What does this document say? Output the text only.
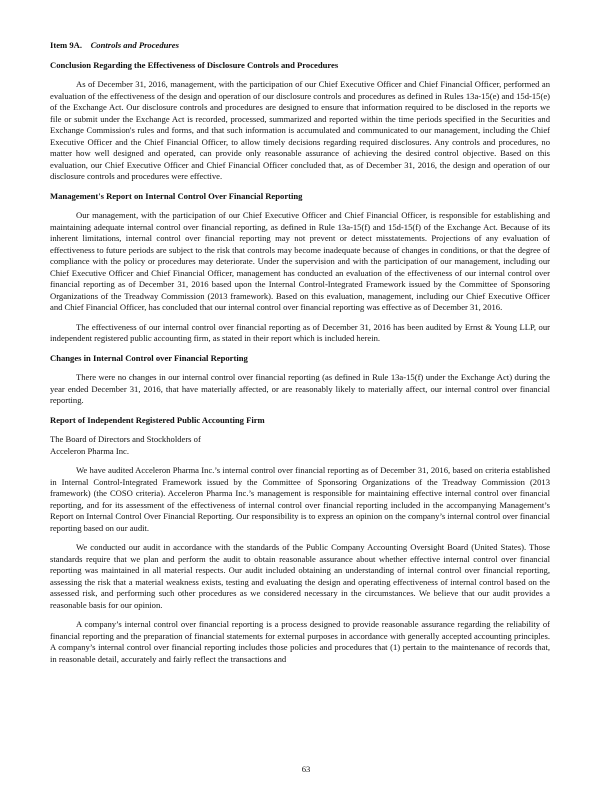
Item 9A. Controls and Procedures

Conclusion Regarding the Effectiveness of Disclosure Controls and Procedures

As of December 31, 2016, management, with the participation of our Chief Executive Officer and Chief Financial Officer, performed an evaluation of the effectiveness of the design and operation of our disclosure controls and procedures as defined in Rules 13a-15(e) and 15d-15(e) of the Exchange Act. Our disclosure controls and procedures are designed to ensure that information required to be disclosed in the reports we file or submit under the Exchange Act is recorded, processed, summarized and reported within the time periods specified in the Securities and Exchange Commission's rules and forms, and that such information is accumulated and communicated to our management, including the Chief Executive Officer and the Chief Financial Officer, to allow timely decisions regarding required disclosures. Any controls and procedures, no matter how well designed and operated, can provide only reasonable assurance of achieving the desired control objective. Based on this evaluation, our Chief Executive Officer and Chief Financial Officer concluded that, as of December 31, 2016, the design and operation of our disclosure controls and procedures were effective.

Management's Report on Internal Control Over Financial Reporting

Our management, with the participation of our Chief Executive Officer and Chief Financial Officer, is responsible for establishing and maintaining adequate internal control over financial reporting, as defined in Rule 13a-15(f) and 15d-15(f) of the Exchange Act. Because of its inherent limitations, internal control over financial reporting may not prevent or detect misstatements. Projections of any evaluation of effectiveness to future periods are subject to the risk that controls may become inadequate because of changes in conditions, or that the degree of compliance with the policy or procedures may deteriorate. Under the supervision and with the participation of our management, including our Chief Executive Officer and Chief Financial Officer, management has conducted an evaluation of the effectiveness of our internal control over financial reporting as of December 31, 2016 based upon the Internal Control-Integrated Framework issued by the Committee of Sponsoring Organizations of the Treadway Commission (2013 framework). Based on this evaluation, management, including our Chief Executive Officer and Chief Financial Officer, has concluded that our internal control over financial reporting was effective as of December 31, 2016.

The effectiveness of our internal control over financial reporting as of December 31, 2016 has been audited by Ernst & Young LLP, our independent registered public accounting firm, as stated in their report which is included herein.

Changes in Internal Control over Financial Reporting

There were no changes in our internal control over financial reporting (as defined in Rule 13a-15(f) under the Exchange Act) during the year ended December 31, 2016, that have materially affected, or are reasonably likely to materially affect, our internal control over financial reporting.

Report of Independent Registered Public Accounting Firm

The Board of Directors and Stockholders of

Acceleron Pharma Inc.

We have audited Acceleron Pharma Inc.’s internal control over financial reporting as of December 31, 2016, based on criteria established in Internal Control-Integrated Framework issued by the Committee of Sponsoring Organizations of the Treadway Commission (2013 framework) (the COSO criteria). Acceleron Pharma Inc.’s management is responsible for maintaining effective internal control over financial reporting, and for its assessment of the effectiveness of internal control over financial reporting included in the accompanying Management’s Report on Internal Control Over Financial Reporting. Our responsibility is to express an opinion on the company’s internal control over financial reporting based on our audit.

We conducted our audit in accordance with the standards of the Public Company Accounting Oversight Board (United States). Those standards require that we plan and perform the audit to obtain reasonable assurance about whether effective internal control over financial reporting was maintained in all material respects. Our audit included obtaining an understanding of internal control over financial reporting, assessing the risk that a material weakness exists, testing and evaluating the design and operating effectiveness of internal control based on the assessed risk, and performing such other procedures as we considered necessary in the circumstances. We believe that our audit provides a reasonable basis for our opinion.

A company’s internal control over financial reporting is a process designed to provide reasonable assurance regarding the reliability of financial reporting and the preparation of financial statements for external purposes in accordance with generally accepted accounting principles. A company’s internal control over financial reporting includes those policies and procedures that (1) pertain to the maintenance of records that, in reasonable detail, accurately and fairly reflect the transactions and

63
